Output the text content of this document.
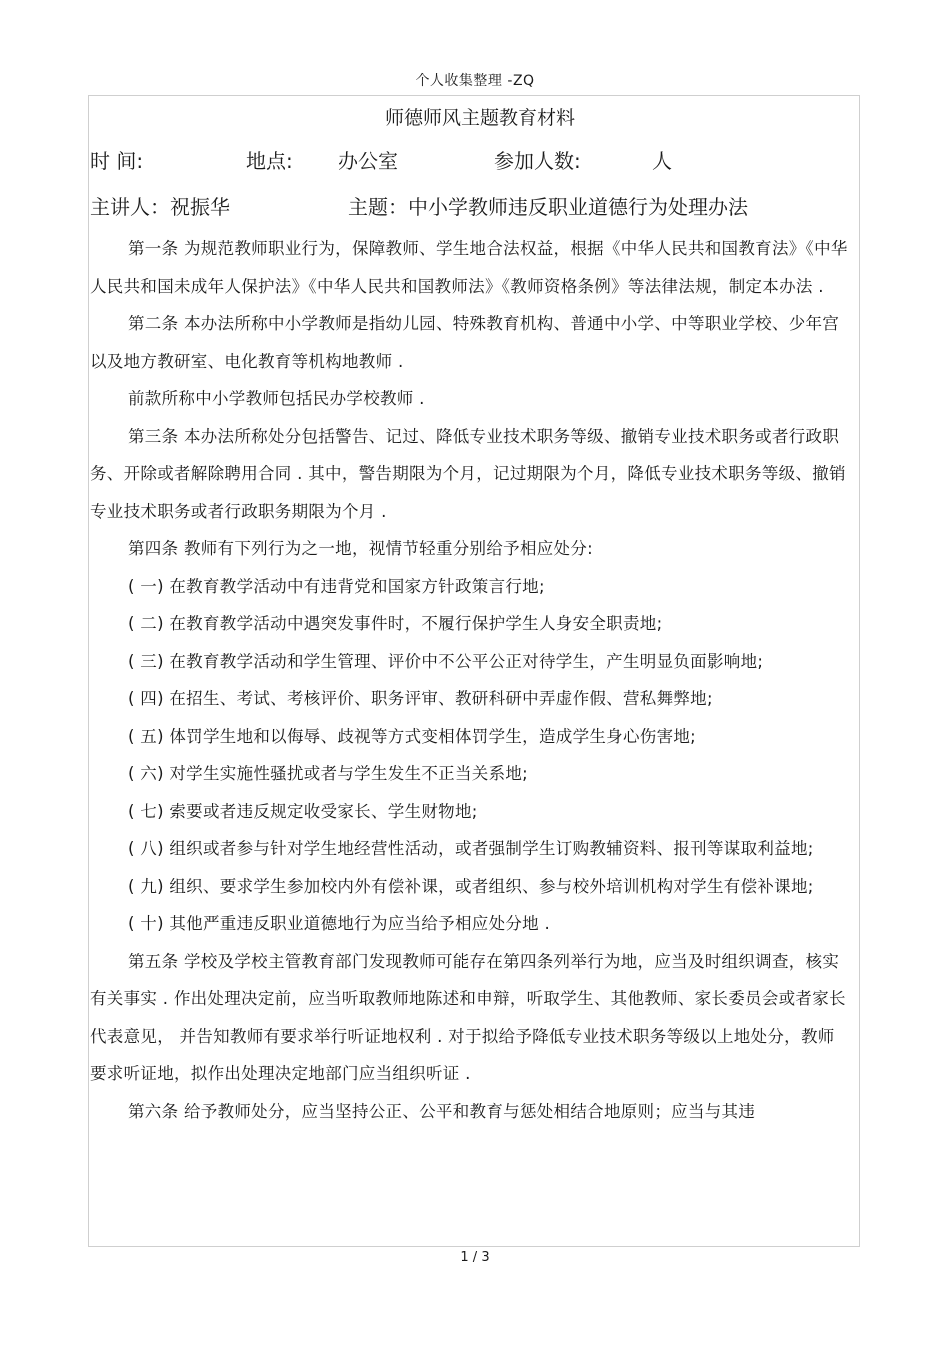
个人收集整理 -ZQ
师德师风主题教育材料
时 间:	地点: 办公室	参加人数:	人
主讲人：祝振华	主题：中小学教师违反职业道德行为处理办法

第一条 为规范教师职业行为，保障教师、学生地合法权益，根据《中华人民共和国教育法》《中华人民共和国未成年人保护法》《中华人民共和国教师法》《教师资格条例》等法律法规，制定本办法 .

第二条 本办法所称中小学教师是指幼儿园、特殊教育机构、普通中小学、中等职业学校、少年宫以及地方教研室、电化教育等机构地教师 .

前款所称中小学教师包括民办学校教师 .

第三条 本办法所称处分包括警告、记过、降低专业技术职务等级、撤销专业技术职务或者行政职务、开除或者解除聘用合同 . 其中，警告期限为个月，记过期限为个月，降低专业技术职务等级、撤销专业技术职务或者行政职务期限为个月 .

第四条 教师有下列行为之一地，视情节轻重分别给予相应处分:

( 一) 在教育教学活动中有违背党和国家方针政策言行地;

( 二) 在教育教学活动中遇突发事件时，不履行保护学生人身安全职责地;

( 三) 在教育教学活动和学生管理、评价中不公平公正对待学生，产生明显负面影响地;

( 四) 在招生、考试、考核评价、职务评审、教研科研中弄虚作假、营私舞弊地;

( 五) 体罚学生地和以侮辱、歧视等方式变相体罚学生，造成学生身心伤害地;

( 六) 对学生实施性骚扰或者与学生发生不正当关系地;

( 七) 索要或者违反规定收受家长、学生财物地;

( 八) 组织或者参与针对学生地经营性活动，或者强制学生订购教辅资料、报刊等谋取利益地;

( 九) 组织、要求学生参加校内外有偿补课，或者组织、参与校外培训机构对学生有偿补课地;

( 十) 其他严重违反职业道德地行为应当给予相应处分地 .

第五条 学校及学校主管教育部门发现教师可能存在第四条列举行为地，应当及时组织调查，核实有关事实 . 作出处理决定前，应当听取教师地陈述和申辩，听取学生、其他教师、家长委员会或者家长代表意见， 并告知教师有要求举行听证地权利 . 对于拟给予降低专业技术职务等级以上地处分，教师要求听证地，拟作出处理决定地部门应当组织听证 .

第六条 给予教师处分，应当坚持公正、公平和教育与惩处相结合地原则；应当与其违

1 / 3
